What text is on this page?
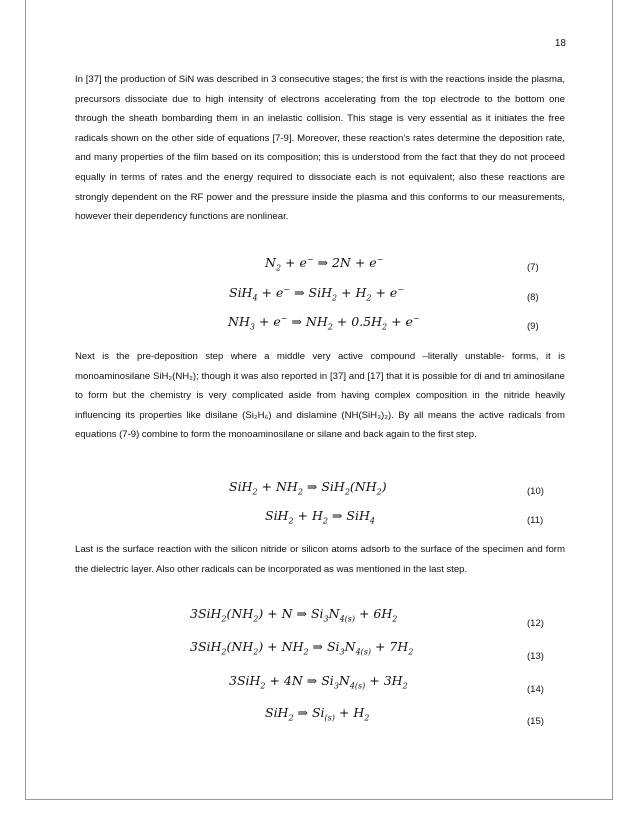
18

In [37] the production of SiN was described in 3 consecutive stages; the first is with the reactions inside the plasma, precursors dissociate due to high intensity of electrons accelerating from the top electrode to the bottom one through the sheath bombarding them in an inelastic collision. This stage is very essential as it initiates the free radicals shown on the other side of equations [7-9]. Moreover, these reaction’s rates determine the deposition rate, and many properties of the film based on its composition; this is understood from the fact that they do not proceed equally in terms of rates and the energy required to dissociate each is not equivalent; also these reactions are strongly dependent on the RF power and the pressure inside the plasma and this conforms to our measurements, however their dependency functions are nonlinear.

$N_2 + e^-$ ⇒ 2N + e−
(7)
SiH$_4$ + e− ⇒ $SiH_2 + H_2 + e^-$
(8)
$NH_3 + e^-$ ⇒ $NH_2 + 0.5H_2 + e^-$
(9)

Next is the pre-deposition step where a middle very active compound –literally unstable- forms, it is monoaminosilane SiH₂(NH₂); though it was also reported in [37] and [17] that it is possible for di and tri aminosilane to form but the chemistry is very complicated aside from having complex composition in the nitride heavily influencing its properties like disilane (Si₂H₆) and dislamine (NH(SiH₃)₂). By all means the active radicals from equations (7-9) combine to form the monoaminosilane or silane and back again to the first step.

$SiH_2 + NH_2$ ⇒ $SiH_2(NH_2)$	(10)
$SiH_2 + H_2$ ⇒ SiH$_4$	(11)

Last is the surface reaction with the silicon nitride or silicon atoms adsorb to the surface of the specimen and form the dielectric layer. Also other radicals can be incorporated as was mentioned in the last step.

$3SiH_2(NH_2) + N$ ⇒ $Si_3N_{4(s)} + 6H_2$	(12)
$3SiH_2(NH_2) + NH_2$ ⇒ $Si_3N_{4(s)} + 7H_2$	(13)
3SiH$_2$ + 4N ⇒ $Si_3N_{4(s)} + 3H_2$	(14)
SiH$_2$ ⇒ $Si_{(s)} + H_2$	(15)
